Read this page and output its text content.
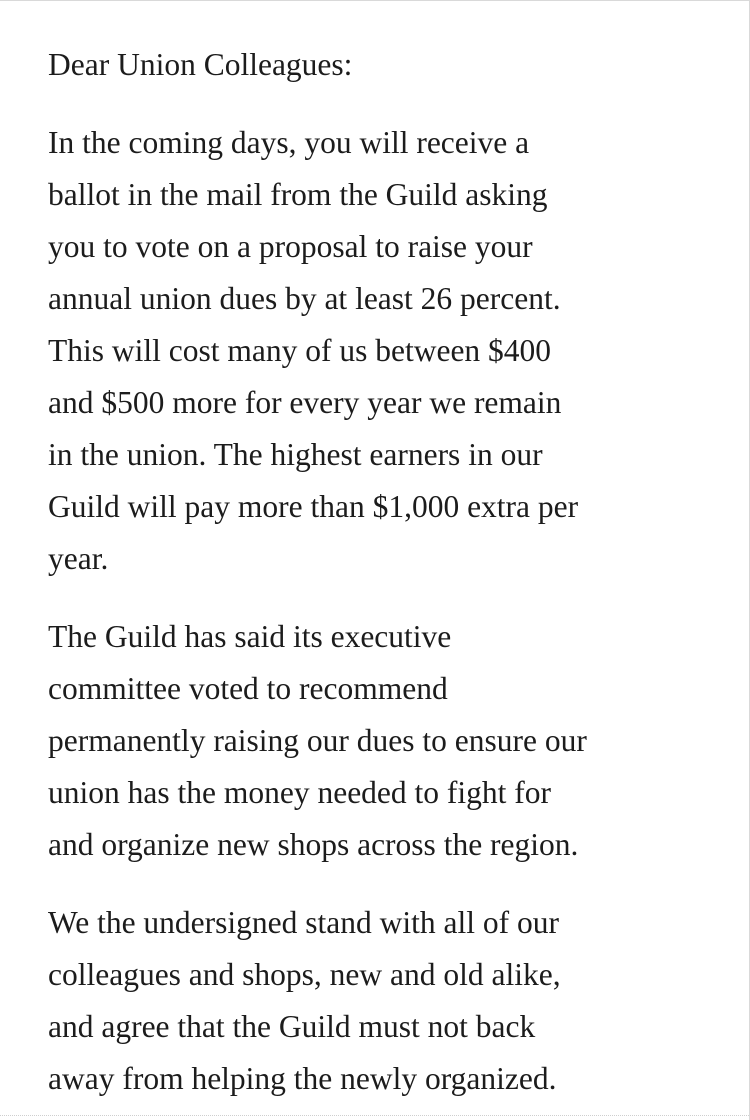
Dear Union Colleagues:

In the coming days, you will receive a
ballot in the mail from the Guild asking
you to vote on a proposal to raise your
annual union dues by at least 26 percent.
This will cost many of us between $400
and $500 more for every year we remain
in the union. The highest earners in our
Guild will pay more than $1,000 extra per
year.

The Guild has said its executive
committee voted to recommend
permanently raising our dues to ensure our
union has the money needed to fight for
and organize new shops across the region.

We the undersigned stand with all of our
colleagues and shops, new and old alike,
and agree that the Guild must not back
away from helping the newly organized.
